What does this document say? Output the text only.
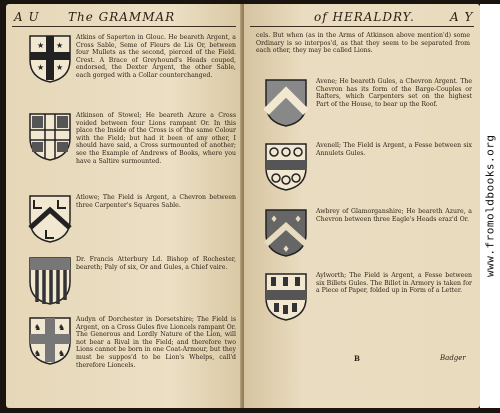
A U The GRAMMAR
★ ★
★ ★
Atkins of Saperton in Glouc. He beareth Argent, a Cross Sable, Seme of Fleurs de Lis Or, between four Mullets as the second, pierced of the Field. Crest. A Brace of Greyhound's Heads couped, endorsed, the Dexter Argent, the other Sable, each gorged with a Collar counterchanged.
Atkinson of Stowel; He beareth Azure a Cross voided between four Lions rampant Or. In this place the Inside of the Cross is of the same Colour with the Field; but had it been of any other, I should have said, a Cross surmounted of another; see the Example of Andrews of Books, where you have a Saltire surmounted.
Atlowe; The Field is Argent, a Chevron between three Carpenter's Squares Sable.
Dr. Francis Atterbury Ld. Bishop of Rochester, beareth; Paly of six, Or and Gules, a Chief vaire.
♞ ♞
♞ ♞
Audyn of Dorchester in Dorsetshire; The Field is Argent, on a Cross Gules five Lioncels rampant Or. The Generous and Lordly Nature of the Lion, will not bear a Rival in the Field; and therefore two Lions cannot be born in one Coat-Armour, but they must be suppos'd to be Lion's Whelps, call'd therefore Lioncels.
of HERALDRY.	A Y
cels. But when (as in the Arms of Atkinson above mention'd) some Ordinary is so interpos'd, as that they seem to be separated from each other, they may be called Lions.
Avene; He beareth Gules, a Chevron Argent. The Chevron has its form of the Barge-Couples or Rafters, which Carpenters set on the highest Part of the House, to bear up the Roof.
Avenell; The Field is Argent, a Fesse between six Annulets Gules.
♦ ♦
♦
Awbrey of Glamorganshire; He beareth Azure, a Chevron between three Eagle's Heads eraz'd Or.
Aylworth; The Field is Argent, a Fesse between six Billets Gules. The Billet in Armory is taken for a Piece of Paper, folded up in Form of a Letter.
B	Badger
www.fromoldbooks.org
